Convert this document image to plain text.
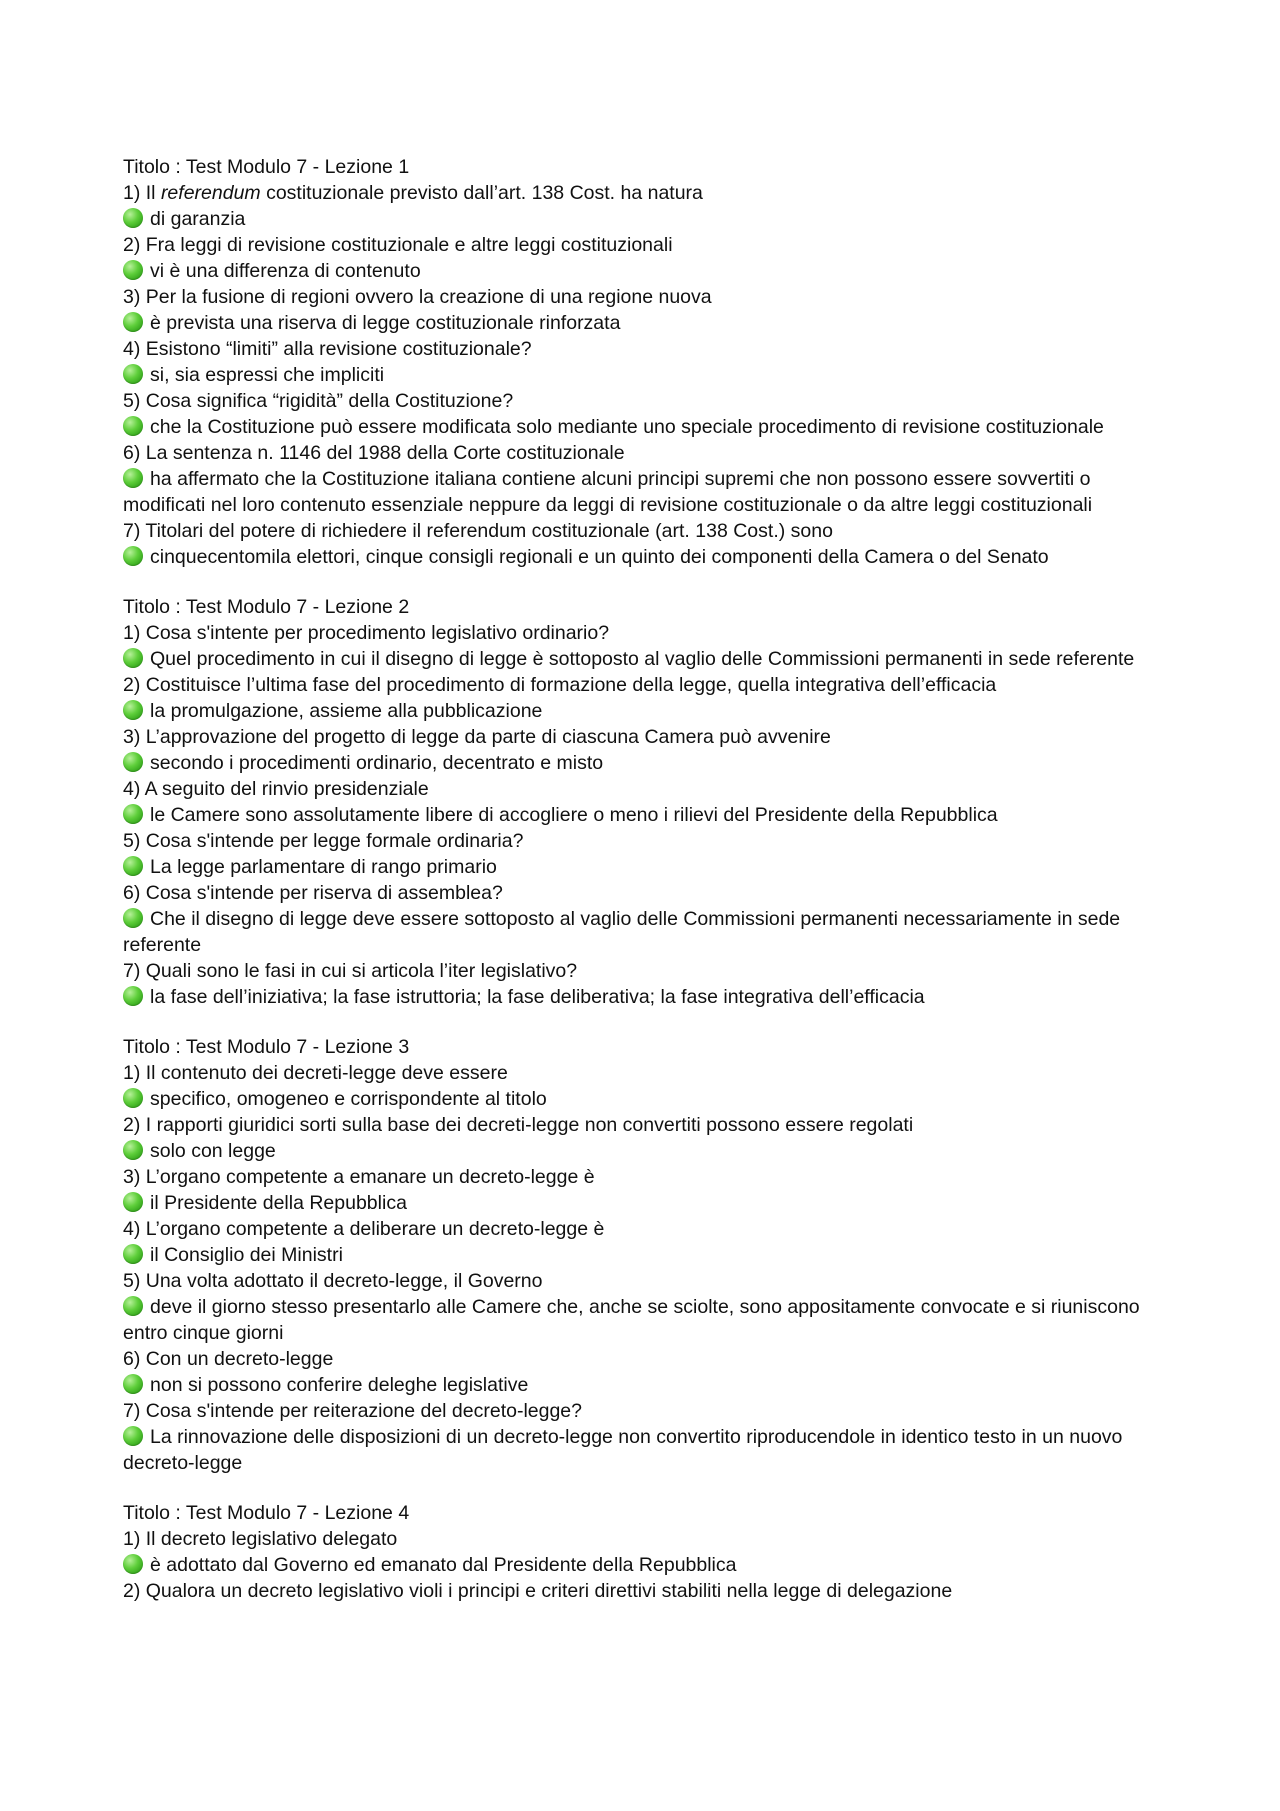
Titolo : Test Modulo 7 - Lezione 1
1) Il referendum costituzionale previsto dall’art. 138 Cost. ha natura
di garanzia
2) Fra leggi di revisione costituzionale e altre leggi costituzionali
vi è una differenza di contenuto
3) Per la fusione di regioni ovvero la creazione di una regione nuova
è prevista una riserva di legge costituzionale rinforzata
4) Esistono “limiti” alla revisione costituzionale?
si, sia espressi che impliciti
5) Cosa significa “rigidità” della Costituzione?
che la Costituzione può essere modificata solo mediante uno speciale procedimento di revisione costituzionale
6) La sentenza n. 1146 del 1988 della Corte costituzionale
ha affermato che la Costituzione italiana contiene alcuni principi supremi che non possono essere sovvertiti o modificati nel loro contenuto essenziale neppure da leggi di revisione costituzionale o da altre leggi costituzionali
7) Titolari del potere di richiedere il referendum costituzionale (art. 138 Cost.) sono
cinquecentomila elettori, cinque consigli regionali e un quinto dei componenti della Camera o del Senato
Titolo : Test Modulo 7 - Lezione 2
1) Cosa s'intente per procedimento legislativo ordinario?
Quel procedimento in cui il disegno di legge è sottoposto al vaglio delle Commissioni permanenti in sede referente
2) Costituisce l’ultima fase del procedimento di formazione della legge, quella integrativa dell’efficacia
la promulgazione, assieme alla pubblicazione
3) L’approvazione del progetto di legge da parte di ciascuna Camera può avvenire
secondo i procedimenti ordinario, decentrato e misto
4) A seguito del rinvio presidenziale
le Camere sono assolutamente libere di accogliere o meno i rilievi del Presidente della Repubblica
5) Cosa s'intende per legge formale ordinaria?
La legge parlamentare di rango primario
6) Cosa s'intende per riserva di assemblea?
Che il disegno di legge deve essere sottoposto al vaglio delle Commissioni permanenti necessariamente in sede referente
7) Quali sono le fasi in cui si articola l’iter legislativo?
la fase dell’iniziativa; la fase istruttoria; la fase deliberativa; la fase integrativa dell’efficacia
Titolo : Test Modulo 7 - Lezione 3
1) Il contenuto dei decreti-legge deve essere
specifico, omogeneo e corrispondente al titolo
2) I rapporti giuridici sorti sulla base dei decreti-legge non convertiti possono essere regolati
solo con legge
3) L’organo competente a emanare un decreto-legge è
il Presidente della Repubblica
4) L’organo competente a deliberare un decreto-legge è
il Consiglio dei Ministri
5) Una volta adottato il decreto-legge, il Governo
deve il giorno stesso presentarlo alle Camere che, anche se sciolte, sono appositamente convocate e si riuniscono entro cinque giorni
6) Con un decreto-legge
non si possono conferire deleghe legislative
7) Cosa s'intende per reiterazione del decreto-legge?
La rinnovazione delle disposizioni di un decreto-legge non convertito riproducendole in identico testo in un nuovo decreto-legge
Titolo : Test Modulo 7 - Lezione 4
1) Il decreto legislativo delegato
è adottato dal Governo ed emanato dal Presidente della Repubblica
2) Qualora un decreto legislativo violi i principi e criteri direttivi stabiliti nella legge di delegazione
